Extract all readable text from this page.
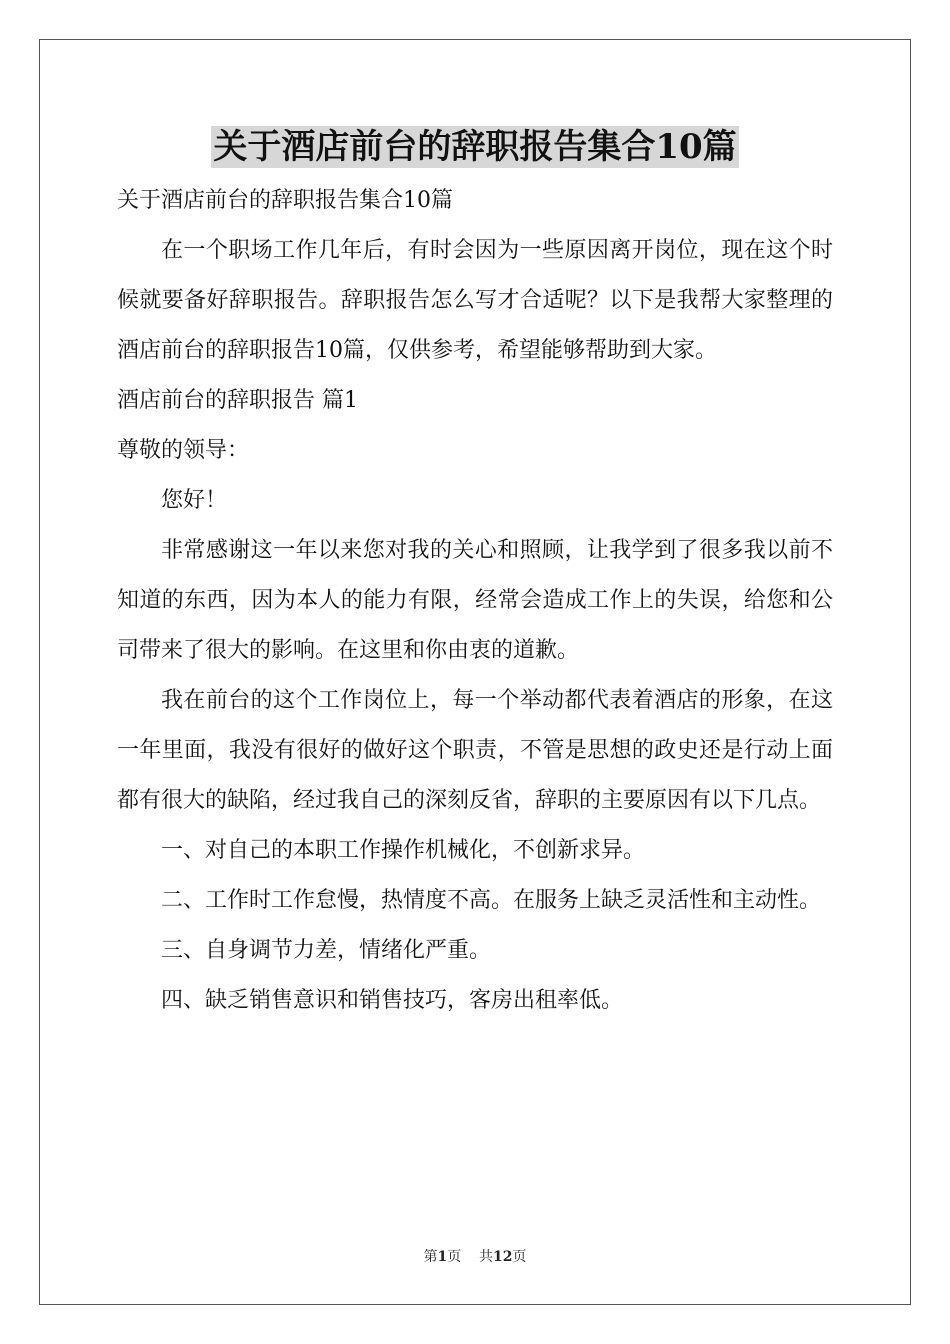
关于酒店前台的辞职报告集合10篇

关于酒店前台的辞职报告集合10篇

在一个职场工作几年后，有时会因为一些原因离开岗位，现在这个时候就要备好辞职报告。辞职报告怎么写才合适呢？以下是我帮大家整理的酒店前台的辞职报告10篇，仅供参考，希望能够帮助到大家。

酒店前台的辞职报告 篇1

尊敬的领导：

您好！

非常感谢这一年以来您对我的关心和照顾，让我学到了很多我以前不知道的东西，因为本人的能力有限，经常会造成工作上的失误，给您和公司带来了很大的影响。在这里和你由衷的道歉。

我在前台的这个工作岗位上，每一个举动都代表着酒店的形象，在这一年里面，我没有很好的做好这个职责，不管是思想的政史还是行动上面都有很大的缺陷，经过我自己的深刻反省，辞职的主要原因有以下几点。

一、对自己的本职工作操作机械化，不创新求异。

二、工作时工作怠慢，热情度不高。在服务上缺乏灵活性和主动性。

三、自身调节力差，情绪化严重。

四、缺乏销售意识和销售技巧，客房出租率低。

第1页 共12页
